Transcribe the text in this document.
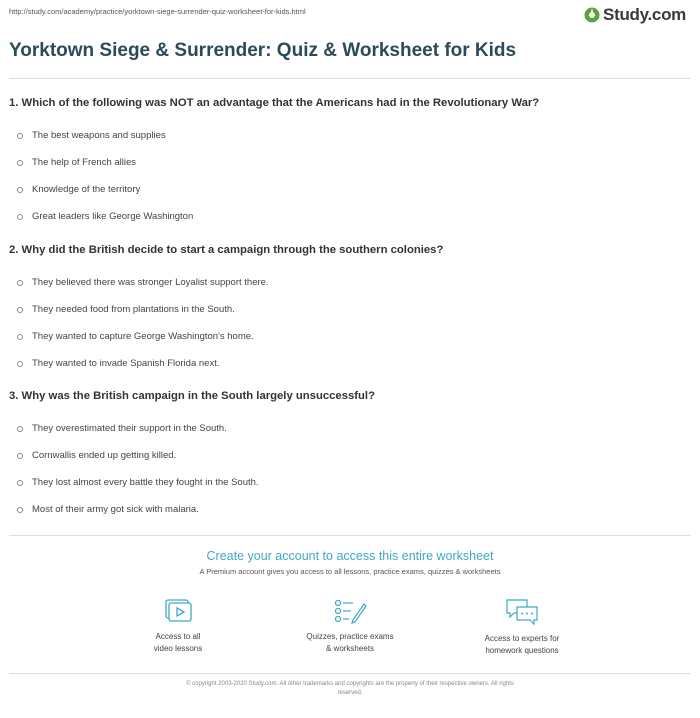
http://study.com/academy/practice/yorktown-siege-surrender-quiz-worksheet-for-kids.html	Study.com
Yorktown Siege & Surrender: Quiz & Worksheet for Kids

1. Which of the following was NOT an advantage that the Americans had in the Revolutionary War?

The best weapons and supplies
The help of French allies
Knowledge of the territory
Great leaders like George Washington

2. Why did the British decide to start a campaign through the southern colonies?

They believed there was stronger Loyalist support there.
They needed food from plantations in the South.
They wanted to capture George Washington's home.
They wanted to invade Spanish Florida next.

3. Why was the British campaign in the South largely unsuccessful?

They overestimated their support in the South.
Cornwallis ended up getting killed.
They lost almost every battle they fought in the South.
Most of their army got sick with malaria.

Create your account to access this entire worksheet

A Premium account gives you access to all lessons, practice exams, quizzes & worksheets
Access to all
video lessons
Quizzes, practice exams
& worksheets
Access to experts for
homework questions
© copyright 2003-2020 Study.com. All other trademarks and copyrights are the property of their respective owners. All rights
reserved.
